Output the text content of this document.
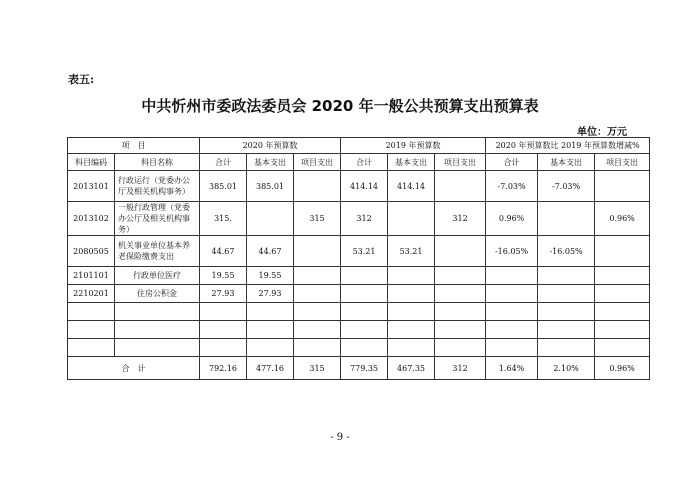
表五:
中共忻州市委政法委员会 2020 年一般公共预算支出预算表
单位：万元
项　目		2020 年预算数			2019 年预算数			2020 年预算数比 2019 年预算数增减%		
科目编码	科目名称	合计	基本支出	项目支出	合计	基本支出	项目支出	合计	基本支出	项目支出
2013101	行政运行（党委办公厅及相关机构事务）	385.01	385.01		414.14	414.14		-7.03%	-7.03%	
2013102	一般行政管理（党委办公厅及相关机构事务）	315.		315	312		312	0.96%		0.96%
2080505	机关事业单位基本养老保险缴费支出	44.67	44.67		53.21	53.21		-16.05%	-16.05%	
2101101	行政单位医疗	19.55	19.55							
2210201	住房公积金	27.93	27.93							

合　计		792.16	477.16	315	779.35	467.35	312	1.64%	2.10%	0.96%
- 9 -
